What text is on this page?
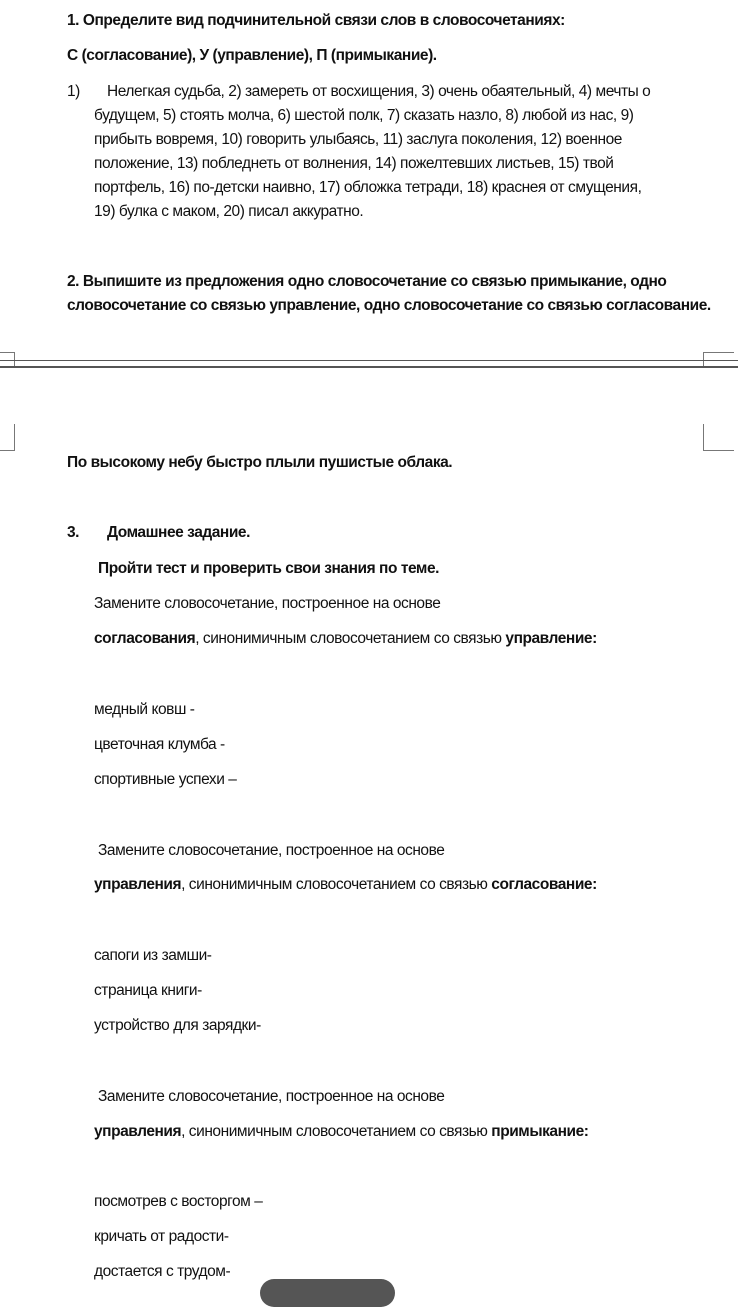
1. Определите вид подчинительной связи слов в словосочетаниях:
С (согласование), У (управление), П (примыкание).
1) Нелегкая судьба, 2) замереть от восхищения, 3) очень обаятельный, 4) мечты о
будущем, 5) стоять молча, 6) шестой полк, 7) сказать назло, 8) любой из нас, 9)
прибыть вовремя, 10) говорить улыбаясь, 11) заслуга поколения, 12) военное
положение, 13) побледнеть от волнения, 14) пожелтевших листьев, 15) твой
портфель, 16) по-детски наивно, 17) обложка тетради, 18) краснея от смущения,
19) булка с маком, 20) писал аккуратно.
2. Выпишите из предложения одно словосочетание со связью примыкание, одно
словосочетание со связью управление, одно словосочетание со связью согласование.
По высокому небу быстро плыли пушистые облака.
3. Домашнее задание.
Пройти тест и проверить свои знания по теме.
Замените словосочетание, построенное на основе
согласования, синонимичным словосочетанием со связью управление:
медный ковш -
цветочная клумба -
спортивные успехи –
Замените словосочетание, построенное на основе
управления, синонимичным словосочетанием со связью согласование:
сапоги из замши-
страница книги-
устройство для зарядки-
Замените словосочетание, построенное на основе
управления, синонимичным словосочетанием со связью примыкание:
посмотрев с восторгом –
кричать от радости-
достается с трудом-
